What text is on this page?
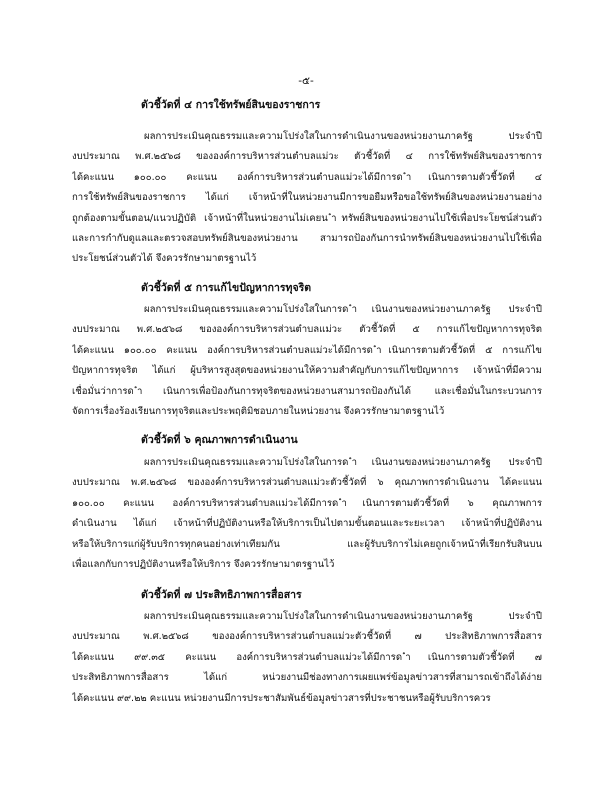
-๕-
ตัวชี้วัดที่ ๔ การใช้ทรัพย์สินของราชการ
ผลการประเมินคุณธรรมและความโปร่งใสในการดำเนินงานของหน่วยงานภาครัฐ ประจำปี
งบประมาณ พ.ศ.๒๕๖๘ ขององค์การบริหารส่วนตำบลแม่วะ ตัวชี้วัดที่ ๔ การใช้ทรัพย์สินของราชการ
ได้คะแนน ๑๐๐.๐๐ คะแนน องค์การบริหารส่วนตำบลแม่วะได้มีการด ำเนินการตามตัวชี้วัดที่ ๔
การใช้ทรัพย์สินของราชการ ได้แก่ เจ้าหน้าที่ในหน่วยงานมีการขอยืมหรือขอใช้ทรัพย์สินของหน่วยงานอย่าง
ถูกต้องตามขั้นตอน/แนวปฏิบัติ เจ้าหน้าที่ในหน่วยงานไม่เคยน ำทรัพย์สินของหน่วยงานไปใช้เพื่อประโยชน์ส่วนตัว
และการกำกับดูแลและตรวจสอบทรัพย์สินของหน่วยงาน สามารถป้องกันการนำทรัพย์สินของหน่วยงานไปใช้เพื่อ
ประโยชน์ส่วนตัวได้ จึงควรรักษามาตรฐานไว้
ตัวชี้วัดที่ ๕ การแก้ไขปัญหาการทุจริต
ผลการประเมินคุณธรรมและความโปร่งใสในการด ำเนินงานของหน่วยงานภาครัฐ ประจำปี
งบประมาณ พ.ศ.๒๕๖๘ ขององค์การบริหารส่วนตำบลแม่วะ ตัวชี้วัดที่ ๕ การแก้ไขปัญหาการทุจริต
ได้คะแนน ๑๐๐.๐๐ คะแนน องค์การบริหารส่วนตำบลแม่วะได้มีการด ำเนินการตามตัวชี้วัดที่ ๕ การแก้ไข
ปัญหาการทุจริต ได้แก่ ผู้บริหารสูงสุดของหน่วยงานให้ความสำคัญกับการแก้ไขปัญหาการ เจ้าหน้าที่มีความ
เชื่อมั่นว่าการด ำเนินการเพื่อป้องกันการทุจริตของหน่วยงานสามารถป้องกันได้ และเชื่อมั่นในกระบวนการ
จัดการเรื่องร้องเรียนการทุจริตและประพฤติมิชอบภายในหน่วยงาน จึงควรรักษามาตรฐานไว้
ตัวชี้วัดที่ ๖ คุณภาพการดำเนินงาน
ผลการประเมินคุณธรรมและความโปร่งใสในการด ำเนินงานของหน่วยงานภาครัฐ ประจำปี
งบประมาณ พ.ศ.๒๕๖๘ ขององค์การบริหารส่วนตำบลแม่วะตัวชี้วัดที่ ๖ คุณภาพการดำเนินงาน ได้คะแนน
๑๐๐.๐๐ คะแนน องค์การบริหารส่วนตำบลแม่วะได้มีการด ำเนินการตามตัวชี้วัดที่ ๖ คุณภาพการ
ดำเนินงาน ได้แก่ เจ้าหน้าที่ปฏิบัติงานหรือให้บริการเป็นไปตามขั้นตอนและระยะเวลา เจ้าหน้าที่ปฏิบัติงาน
หรือให้บริการแก่ผู้รับบริการทุกคนอย่างเท่าเทียมกัน และผู้รับบริการไม่เคยถูกเจ้าหน้าที่เรียกรับสินบน
เพื่อแลกกับการปฏิบัติงานหรือให้บริการ จึงควรรักษามาตรฐานไว้
ตัวชี้วัดที่ ๗ ประสิทธิภาพการสื่อสาร
ผลการประเมินคุณธรรมและความโปร่งใสในการดำเนินงานของหน่วยงานภาครัฐ ประจำปี
งบประมาณ พ.ศ.๒๕๖๘ ขององค์การบริหารส่วนตำบลแม่วะตัวชี้วัดที่ ๗ ประสิทธิภาพการสื่อสาร
ได้คะแนน ๙๙.๓๕ คะแนน องค์การบริหารส่วนตำบลแม่วะได้มีการด ำเนินการตามตัวชี้วัดที่ ๗
ประสิทธิภาพการสื่อสาร ได้แก่ หน่วยงานมีช่องทางการเผยแพร่ข้อมูลข่าวสารที่สามารถเข้าถึงได้ง่าย
ได้คะแนน ๙๙.๒๒ คะแนน หน่วยงานมีการประชาสัมพันธ์ข้อมูลข่าวสารที่ประชาชนหรือผู้รับบริการควร
